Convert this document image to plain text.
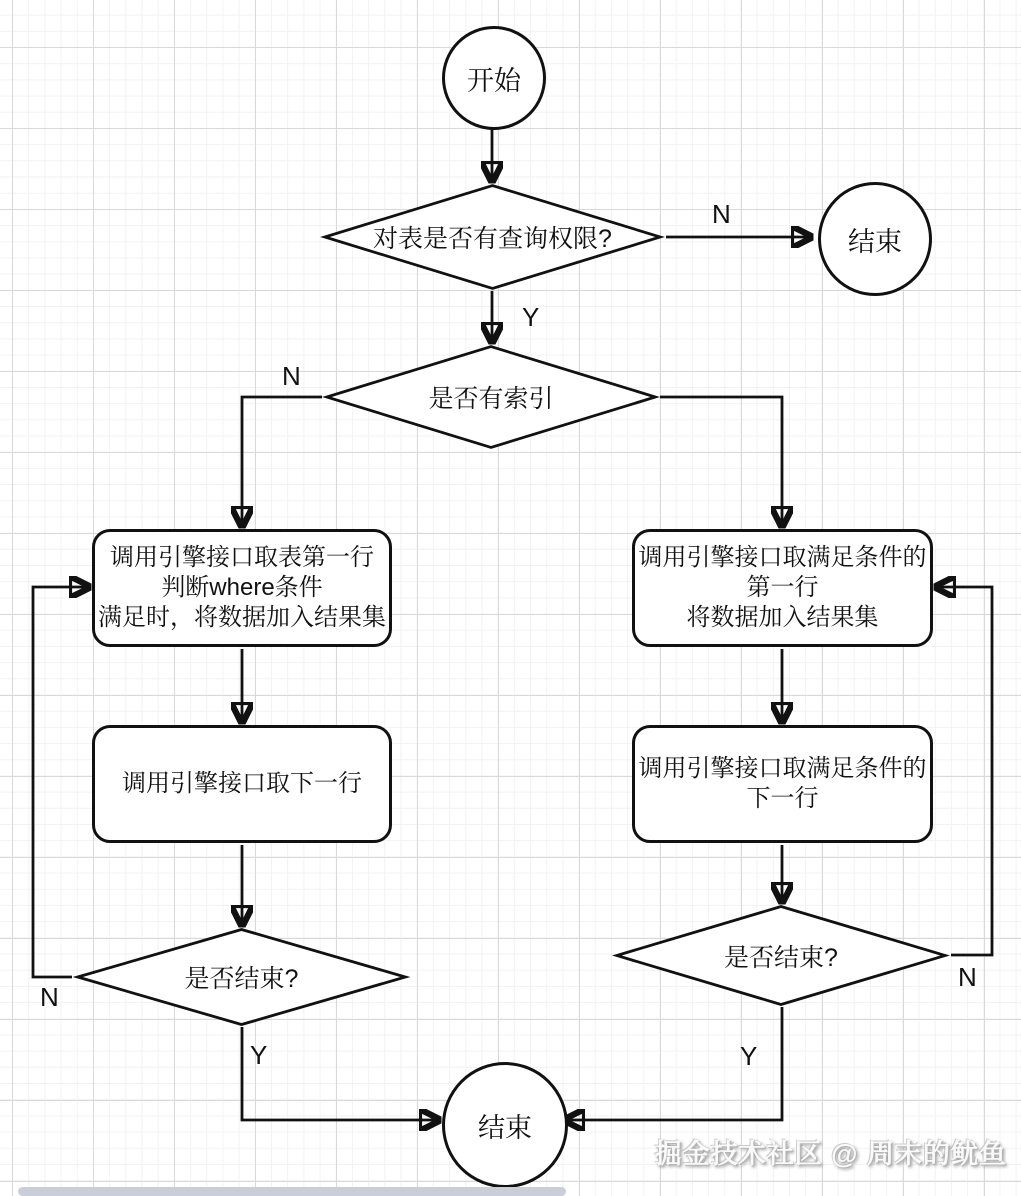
开始
对表是否有查询权限?	结束
是否有索引
调用引擎接口取表第一行
判断where条件
满足时，将数据加入结果集
调用引擎接口取满足条件的
第一行
将数据加入结果集
调用引擎接口取下一行
调用引擎接口取满足条件的
下一行
是否结束?
是否结束?
结束
N
Y
N
N
Y
N
Y
掘金技术社区 @ 周末的鱿鱼
